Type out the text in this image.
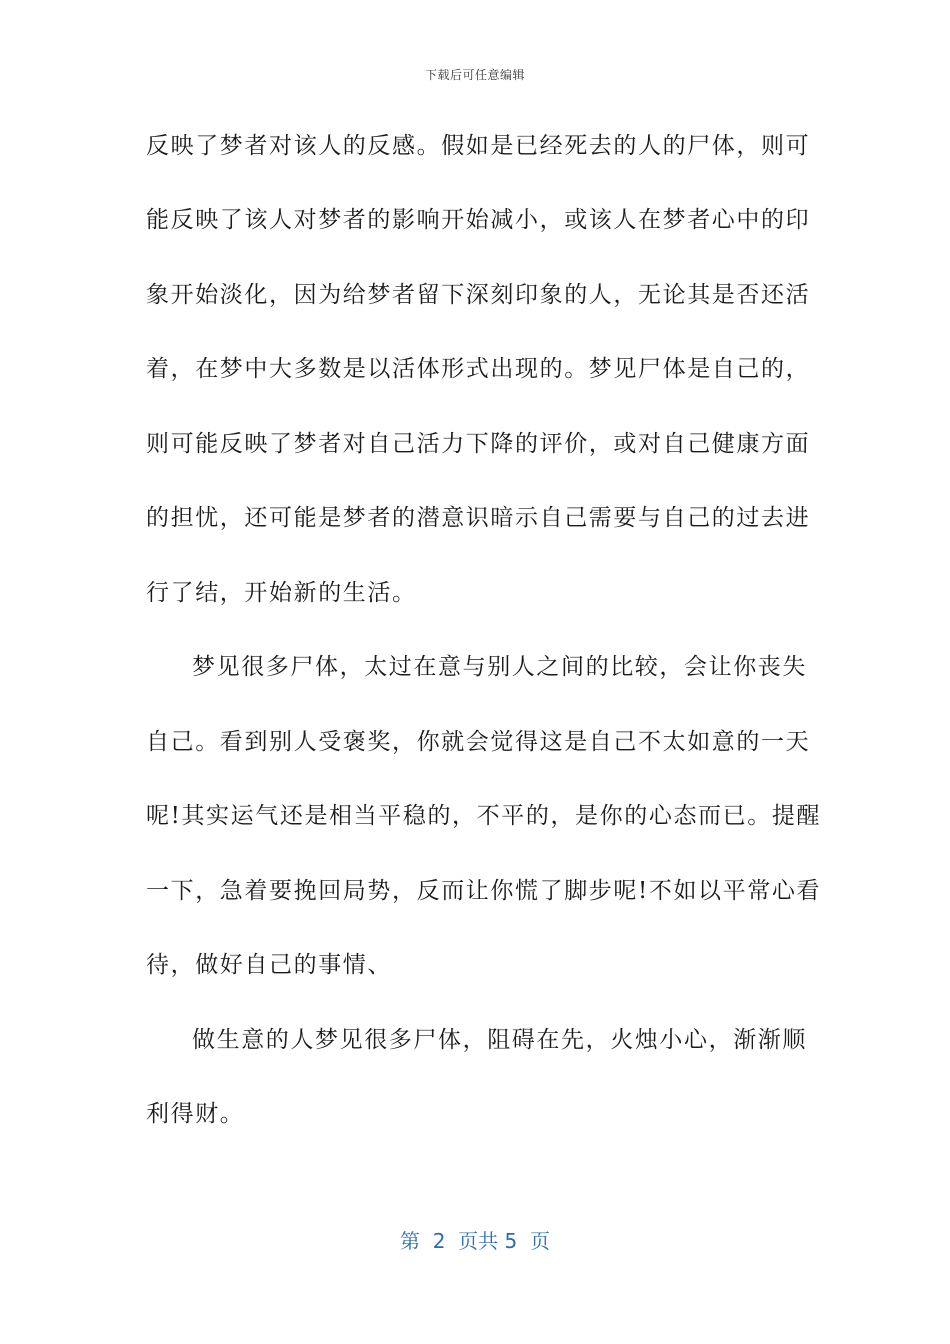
下载后可任意编辑
反映了梦者对该人的反感。假如是已经死去的人的尸体，则可
能反映了该人对梦者的影响开始减小，或该人在梦者心中的印
象开始淡化，因为给梦者留下深刻印象的人，无论其是否还活
着，在梦中大多数是以活体形式出现的。梦见尸体是自己的，
则可能反映了梦者对自己活力下降的评价，或对自己健康方面
的担忧，还可能是梦者的潜意识暗示自己需要与自己的过去进
行了结，开始新的生活。
梦见很多尸体，太过在意与别人之间的比较，会让你丧失
自己。看到别人受褒奖，你就会觉得这是自己不太如意的一天
呢!其实运气还是相当平稳的，不平的，是你的心态而已。提醒
一下，急着要挽回局势，反而让你慌了脚步呢!不如以平常心看
待，做好自己的事情、
做生意的人梦见很多尸体，阻碍在先，火烛小心，渐渐顺
利得财。
第  2  页共 5  页
